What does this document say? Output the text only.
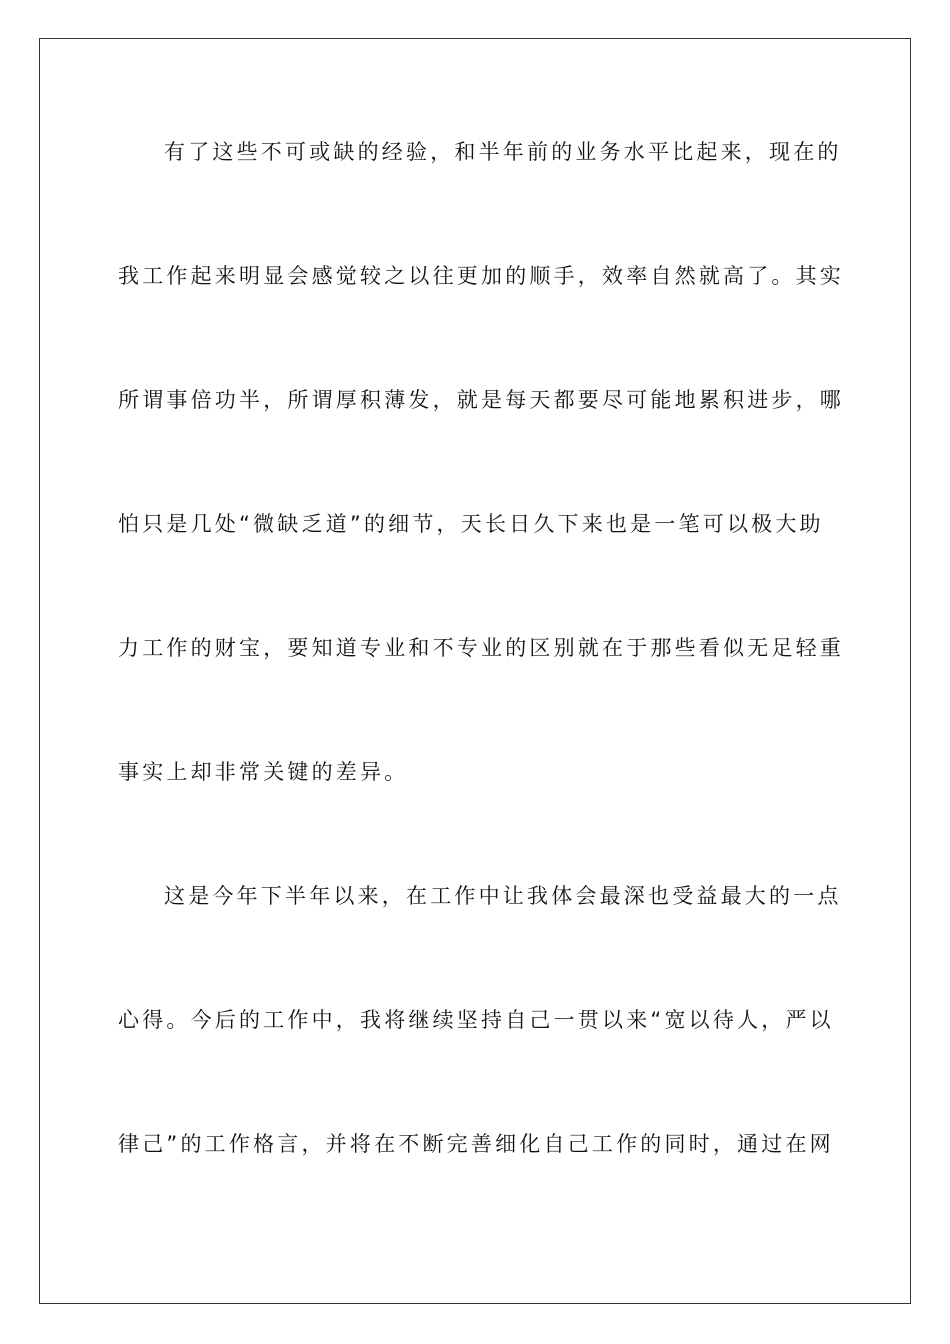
有了这些不可或缺的经验，和半年前的业务水平比起来，现在的
我工作起来明显会感觉较之以往更加的顺手，效率自然就高了。其实
所谓事倍功半，所谓厚积薄发，就是每天都要尽可能地累积进步，哪
怕只是几处“微缺乏道”的细节，天长日久下来也是一笔可以极大助
力工作的财宝，要知道专业和不专业的区别就在于那些看似无足轻重
事实上却非常关键的差异。
这是今年下半年以来，在工作中让我体会最深也受益最大的一点
心得。今后的工作中，我将继续坚持自己一贯以来“宽以待人，严以
律己”的工作格言，并将在不断完善细化自己工作的同时，通过在网
